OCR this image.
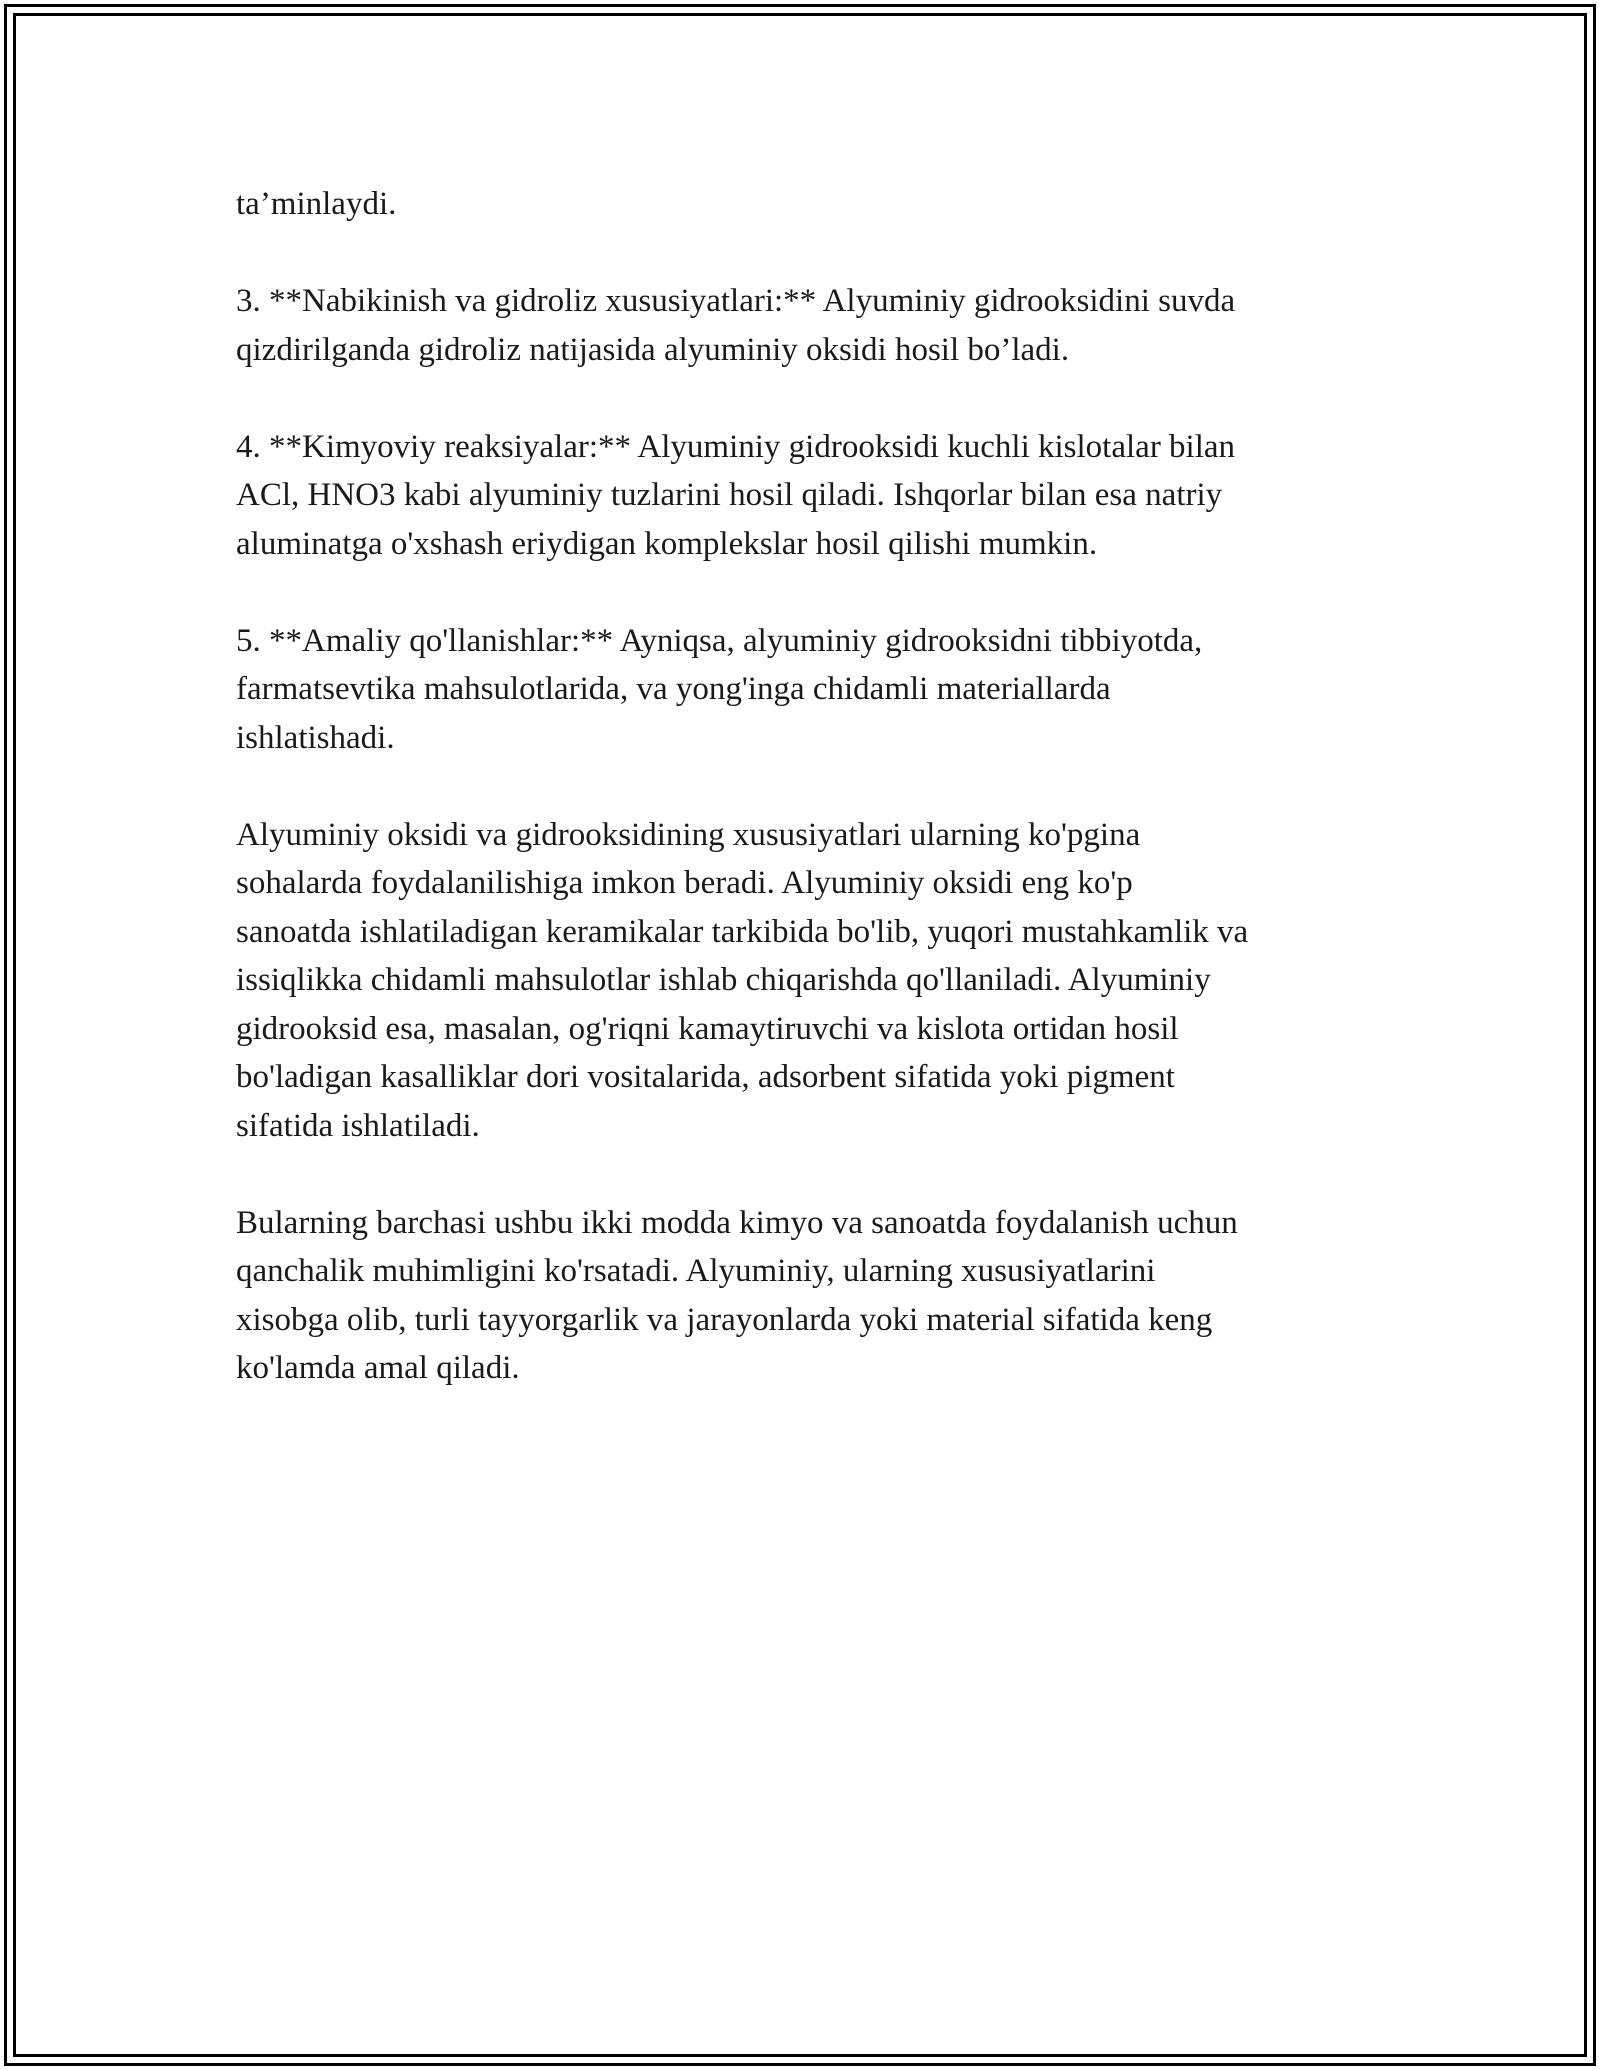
ta’minlaydi.

3. **Nabikinish va gidroliz xususiyatlari:** Alyuminiy gidrooksidini suvda
qizdirilganda gidroliz natijasida alyuminiy oksidi hosil bo’ladi.

4. **Kimyoviy reaksiyalar:** Alyuminiy gidrooksidi kuchli kislotalar bilan
ACl, HNO3 kabi alyuminiy tuzlarini hosil qiladi. Ishqorlar bilan esa natriy
aluminatga o'xshash eriydigan komplekslar hosil qilishi mumkin.

5. **Amaliy qo'llanishlar:** Ayniqsa, alyuminiy gidrooksidni tibbiyotda,
farmatsevtika mahsulotlarida, va yong'inga chidamli materiallarda
ishlatishadi.

Alyuminiy oksidi va gidrooksidining xususiyatlari ularning ko'pgina
sohalarda foydalanilishiga imkon beradi. Alyuminiy oksidi eng ko'p
sanoatda ishlatiladigan keramikalar tarkibida bo'lib, yuqori mustahkamlik va
issiqlikka chidamli mahsulotlar ishlab chiqarishda qo'llaniladi. Alyuminiy
gidrooksid esa, masalan, og'riqni kamaytiruvchi va kislota ortidan hosil
bo'ladigan kasalliklar dori vositalarida, adsorbent sifatida yoki pigment
sifatida ishlatiladi.

Bularning barchasi ushbu ikki modda kimyo va sanoatda foydalanish uchun
qanchalik muhimligini ko'rsatadi. Alyuminiy, ularning xususiyatlarini
xisobga olib, turli tayyorgarlik va jarayonlarda yoki material sifatida keng
ko'lamda amal qiladi.
